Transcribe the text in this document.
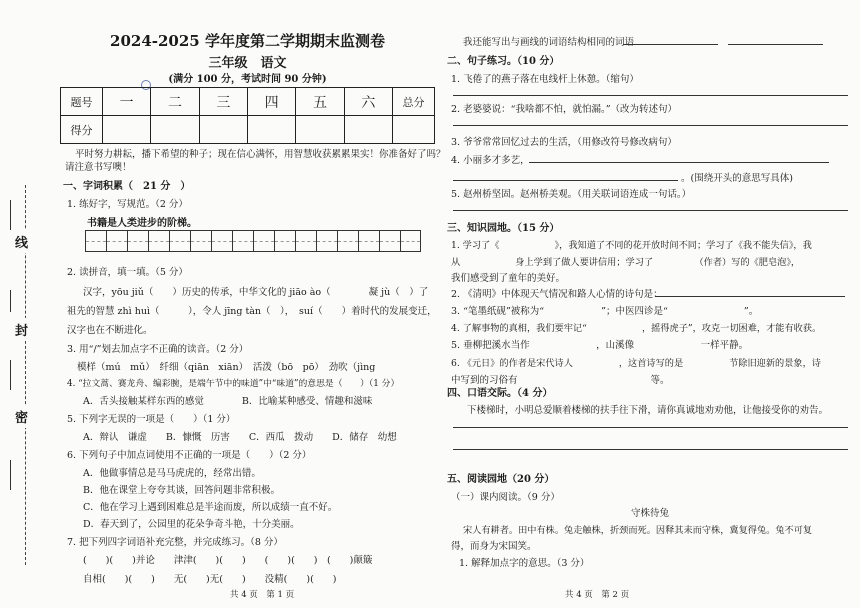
线
封
密
2024-2025 学年度第二学期期末监测卷
三年级　语文
(满分 100 分，考试时间 90 分钟)
题号	一	二	三	四	五	六	总分
得分							
平时努力耕耘，播下希望的种子；现在信心满怀，用智慧收获累累果实！你准备好了吗？
请注意书写噢！
一、字词积累（　21 分　）
1. 练好字，写规范。（2 分）
书籍是人类进步的阶梯。
2. 读拼音，填一填。（5 分）
汉字，yōu jiǔ（　　）历史的传承，中华文化的 jiāo ào（　　　　凝 jù（　）了
祖先的智慧 zhì huì（　　　），令人 jīng tàn（　），　suí（　　）着时代的发展变迁，
汉字也在不断进化。
3. 用“/”划去加点字不正确的读音。（2 分）
模样（mú　mǔ）　纤细（qiān　xiān）　活泼（bō　pō）　劲吹（jìng
4. “拉文蒿、赛龙舟、编彩腕，是端午节中的味道”中“味道”的意思是（　　）（1 分）
A．舌头接触某样东西的感觉　　　　B．比喻某种感受、情趣和滋味
5. 下列字无误的一项是（　　）（1 分）
A．辩认　谦虚　　B．慷慨　历害　　C．西瓜　拨动　　D．储存　幼想
6. 下列句子中加点词使用不正确的一项是（　　）（2 分）
A．他做事情总是马马虎虎的，经常出错。
B．他在课堂上夸夸其谈，回答问题非常积极。
C．他在学习上遇到困难总是半途而废，所以成绩一直不好。
D．春天到了，公园里的花朵争奇斗艳，十分美丽。
7. 把下列四字词语补充完整，并完成练习。（8 分）
(　　)(　　)并论　　津津(　　)(　　)　　(　　)(　　)　(　　)颠簸
自相(　　)(　　)　　无(　　)无(　　)　　没精(　　)(　　)
共 4 页　第 1 页
我还能写出与画线的词语结构相同的词语
二、句子练习。（10 分）
1. 飞倦了的燕子落在电线杆上休憩。（缩句）
2. 老婆婆说：“我啥都不怕，就怕漏。”（改为转述句）
3. 爷爷常常回忆过去的生活，（用修改符号修改病句）
4. 小丽多才多艺，
。(围绕开头的意思写具体)
5. 赵州桥坚固。赵州桥美观。（用关联词语连成一句话。）
三、知识园地。（15 分）
1. 学习了《　　　　　　》，我知道了不同的花开放时间不同；学习了《我不能失信》，我
从　　　　　　身上学到了做人要讲信用；学习了　　　　　（作者）写的《肥皂泡》，
我们感受到了童年的美好。
2. 《清明》中体现天气情况和路人心情的诗句是：
3. “笔墨纸砚”被称为“　　　　　　”；中医四诊是“　　　　　　　　”。
4. 了解事物的真相，我们要牢记“　　　　　　，摇得虎子”，攻克一切困难，才能有收获。
5. 垂柳把溪水当作　　　　　　　，山溪像　　　　　　　一样平静。
6. 《元日》的作者是宋代诗人　　　　　，这首诗写的是　　　　　节除旧迎新的景象，诗
中写到的习俗有　　　　　　　　　　　　　　等。
四、口语交际。（4 分）
下楼梯时，小明总爱顺着楼梯的扶手往下滑，请你真诚地劝劝他，让他接受你的劝告。
五、阅读园地（20 分）
（一）课内阅读。（9 分）
守株待兔
宋人有耕者。田中有株。兔走触株，折颈而死。因释其耒而守株，冀复得兔。兔不可复
得，而身为宋国笑。
1. 解释加点字的意思。（3 分）
共 4 页　第 2 页
